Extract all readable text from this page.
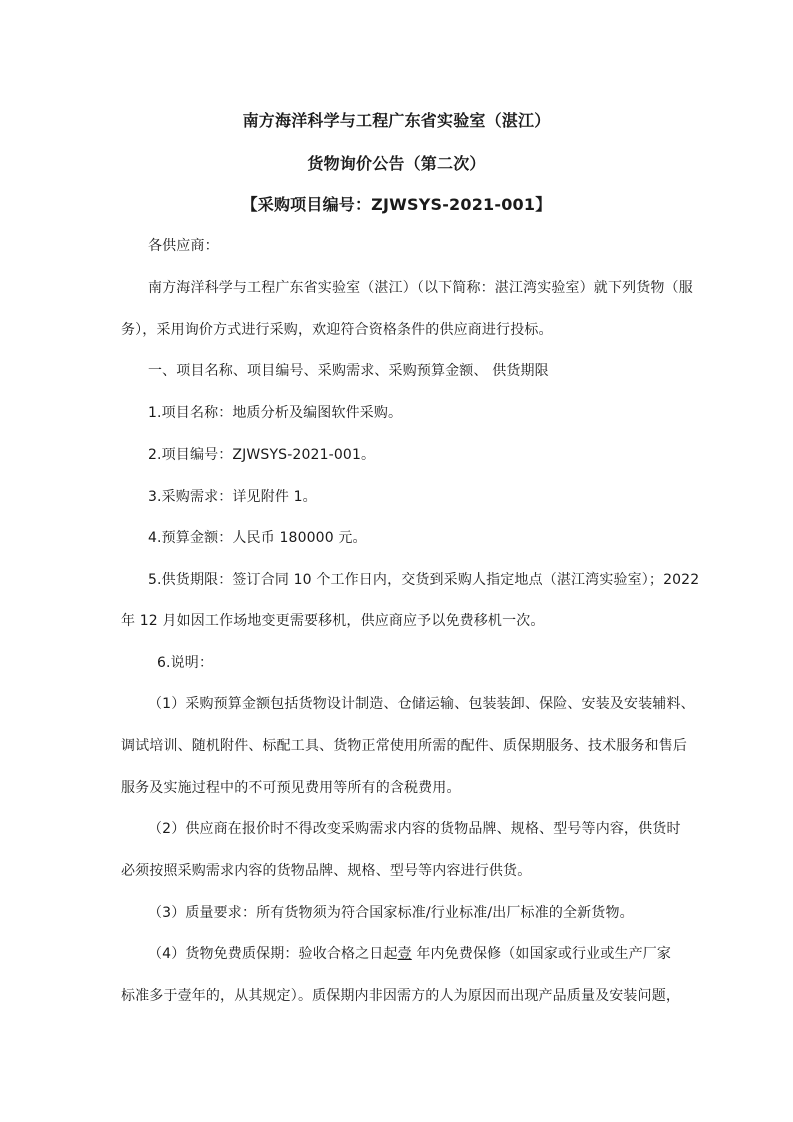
南方海洋科学与工程广东省实验室（湛江）
货物询价公告（第二次）
【采购项目编号：ZJWSYS-2021-001】
各供应商：
南方海洋科学与工程广东省实验室（湛江）（以下简称：湛江湾实验室）就下列货物（服
务），采用询价方式进行采购，欢迎符合资格条件的供应商进行投标。
一、项目名称、项目编号、采购需求、采购预算金额、 供货期限
1.项目名称：地质分析及编图软件采购。
2.项目编号：ZJWSYS-2021-001。
3.采购需求：详见附件 1。
4.预算金额：人民币 180000 元。
5.供货期限：签订合同 10 个工作日内，交货到采购人指定地点（湛江湾实验室）；2022
年 12 月如因工作场地变更需要移机，供应商应予以免费移机一次。
6.说明：
（1）采购预算金额包括货物设计制造、仓储运输、包装装卸、保险、安装及安装辅料、
调试培训、随机附件、标配工具、货物正常使用所需的配件、质保期服务、技术服务和售后
服务及实施过程中的不可预见费用等所有的含税费用。
（2）供应商在报价时不得改变采购需求内容的货物品牌、规格、型号等内容，供货时
必须按照采购需求内容的货物品牌、规格、型号等内容进行供货。
（3）质量要求：所有货物须为符合国家标准/行业标准/出厂标准的全新货物。
（4）货物免费质保期：验收合格之日起壹 年内免费保修（如国家或行业或生产厂家
标准多于壹年的，从其规定）。质保期内非因需方的人为原因而出现产品质量及安装问题，
